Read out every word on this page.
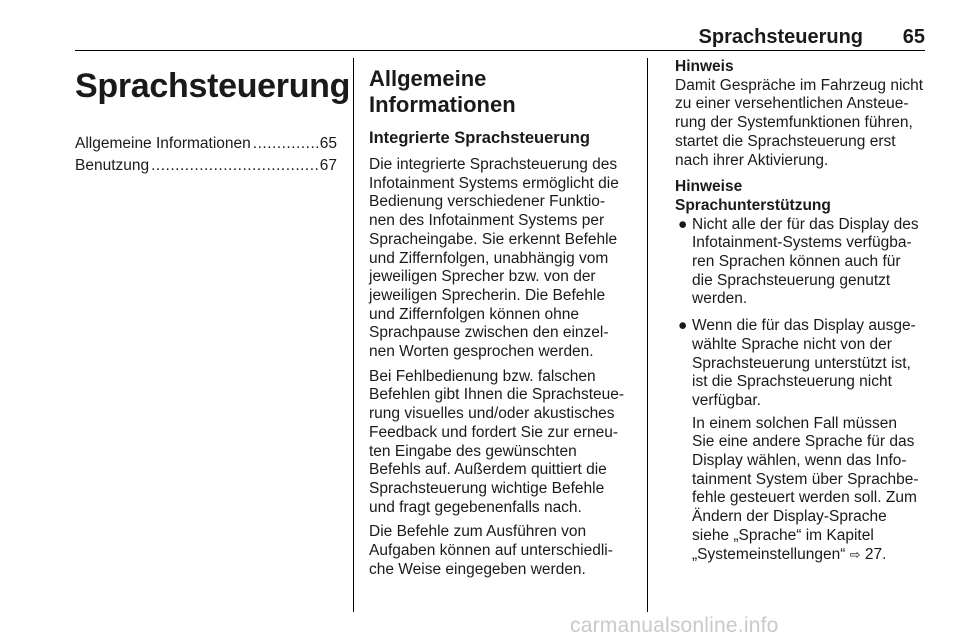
Sprachsteuerung 65
Sprachsteuerung
Allgemeine Informationen .....	65
Benutzung .....	67
Allgemeine Informationen
Integrierte Sprachsteuerung

Die integrierte Sprachsteuerung des
Infotainment Systems ermöglicht die
Bedienung verschiedener Funktio-
nen des Infotainment Systems per
Spracheingabe. Sie erkennt Befehle
und Ziffernfolgen, unabhängig vom
jeweiligen Sprecher bzw. von der
jeweiligen Sprecherin. Die Befehle
und Ziffernfolgen können ohne
Sprachpause zwischen den einzel-
nen Worten gesprochen werden.

Bei Fehlbedienung bzw. falschen
Befehlen gibt Ihnen die Sprachsteue-
rung visuelles und/oder akustisches
Feedback und fordert Sie zur erneu-
ten Eingabe des gewünschten
Befehls auf. Außerdem quittiert die
Sprachsteuerung wichtige Befehle
und fragt gegebenenfalls nach.

Die Befehle zum Ausführen von
Aufgaben können auf unterschiedli-
che Weise eingegeben werden.

Hinweis
Damit Gespräche im Fahrzeug nicht
zu einer versehentlichen Ansteue-
rung der Systemfunktionen führen,
startet die Sprachsteuerung erst
nach ihrer Aktivierung.
Hinweise
Sprachunterstützung
● Nicht alle der für das Display des
Infotainment-Systems verfügba-
ren Sprachen können auch für
die Sprachsteuerung genutzt
werden.
● Wenn die für das Display ausge-
wählte Sprache nicht von der
Sprachsteuerung unterstützt ist,
ist die Sprachsteuerung nicht
verfügbar.
In einem solchen Fall müssen
Sie eine andere Sprache für das
Display wählen, wenn das Info-
tainment System über Sprachbe-
fehle gesteuert werden soll. Zum
Ändern der Display-Sprache
siehe „Sprache“ im Kapitel
„Systemeinstellungen“ ⇨ 27.
carmanualsonline.info
